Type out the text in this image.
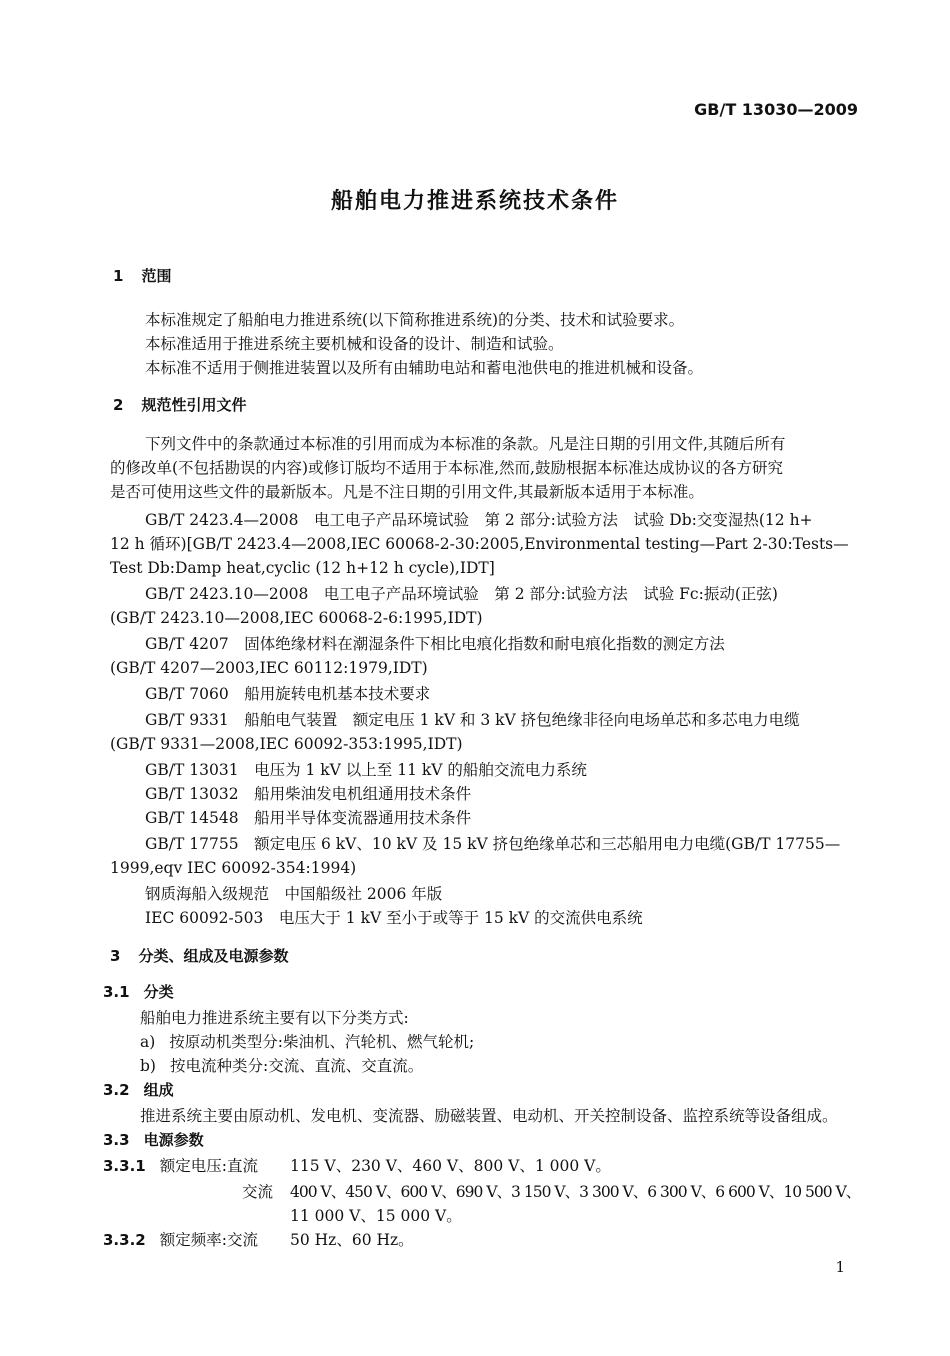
GB/T 13030—2009
船舶电力推进系统技术条件
1 范围
本标准规定了船舶电力推进系统(以下简称推进系统)的分类、技术和试验要求。
本标准适用于推进系统主要机械和设备的设计、制造和试验。
本标准不适用于侧推进装置以及所有由辅助电站和蓄电池供电的推进机械和设备。
2 规范性引用文件
下列文件中的条款通过本标准的引用而成为本标准的条款。凡是注日期的引用文件,其随后所有
的修改单(不包括勘误的内容)或修订版均不适用于本标准,然而,鼓励根据本标准达成协议的各方研究
是否可使用这些文件的最新版本。凡是不注日期的引用文件,其最新版本适用于本标准。
GB/T 2423.4—2008　电工电子产品环境试验　第 2 部分:试验方法　试验 Db:交变湿热(12 h+
12 h 循环)[GB/T 2423.4—2008,IEC 60068-2-30:2005,Environmental testing—Part 2-30:Tests—
Test Db:Damp heat,cyclic (12 h+12 h cycle),IDT]
GB/T 2423.10—2008　电工电子产品环境试验　第 2 部分:试验方法　试验 Fc:振动(正弦)
(GB/T 2423.10—2008,IEC 60068-2-6:1995,IDT)
GB/T 4207　固体绝缘材料在潮湿条件下相比电痕化指数和耐电痕化指数的测定方法
(GB/T 4207—2003,IEC 60112:1979,IDT)
GB/T 7060　船用旋转电机基本技术要求
GB/T 9331　船舶电气装置　额定电压 1 kV 和 3 kV 挤包绝缘非径向电场单芯和多芯电力电缆
(GB/T 9331—2008,IEC 60092-353:1995,IDT)
GB/T 13031　电压为 1 kV 以上至 11 kV 的船舶交流电力系统
GB/T 13032　船用柴油发电机组通用技术条件
GB/T 14548　船用半导体变流器通用技术条件
GB/T 17755　额定电压 6 kV、10 kV 及 15 kV 挤包绝缘单芯和三芯船用电力电缆(GB/T 17755—
1999,eqv IEC 60092-354:1994)
钢质海船入级规范　中国船级社 2006 年版
IEC 60092-503　电压大于 1 kV 至小于或等于 15 kV 的交流供电系统
3 分类、组成及电源参数
3.1 分类
船舶电力推进系统主要有以下分类方式:
a) 按原动机类型分:柴油机、汽轮机、燃气轮机;
b) 按电流种类分:交流、直流、交直流。
3.2 组成
推进系统主要由原动机、发电机、变流器、励磁装置、电动机、开关控制设备、监控系统等设备组成。
3.3 电源参数
3.3.1 额定电压:直流 115 V、230 V、460 V、800 V、1 000 V。
交流 400 V、450 V、600 V、690 V、3 150 V、3 300 V、6 300 V、6 600 V、10 500 V、
11 000 V、15 000 V。
3.3.2 额定频率:交流 50 Hz、60 Hz。
1
